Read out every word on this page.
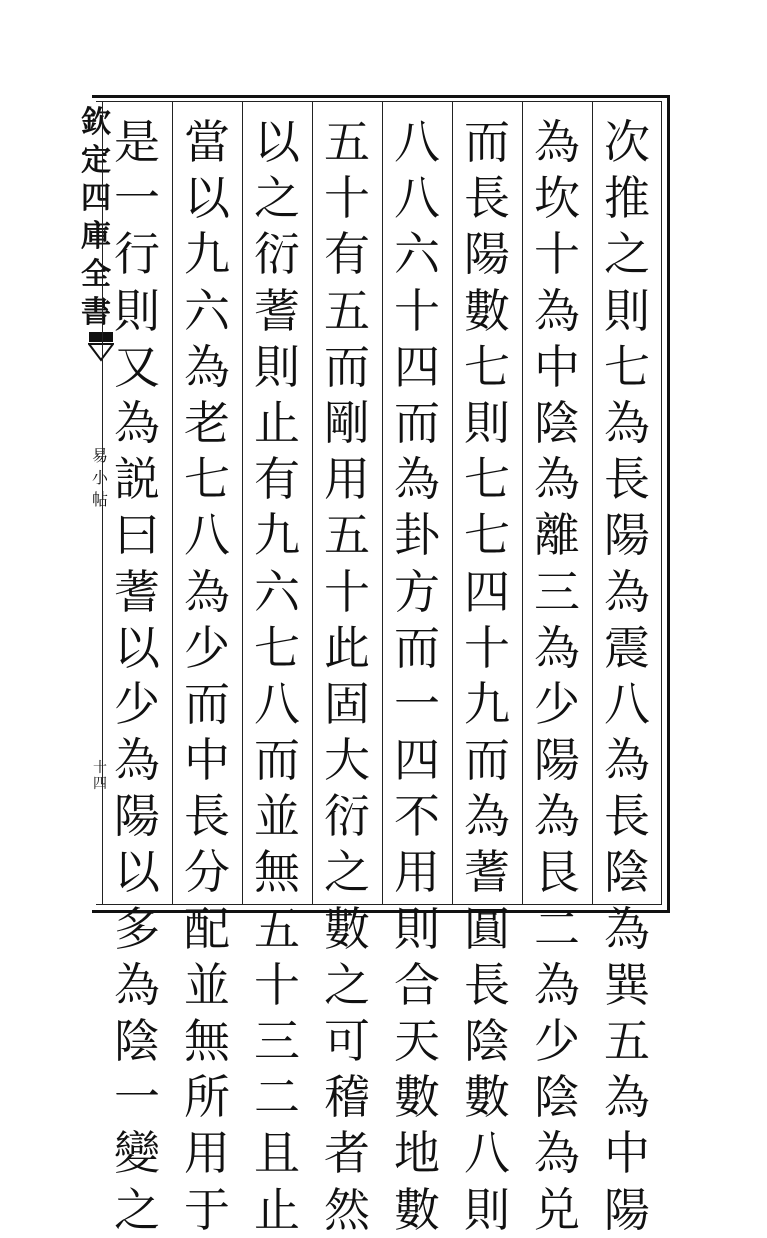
欽
定
四
庫
全
書
易
小
帖
十
四
次
推
之
則
七
為
長
陽
為
震
八
為
長
陰
為
巽
五
為
中
陽
為
坎
十
為
中
陰
為
離
三
為
少
陽
為
艮
二
為
少
陰
為
兑
而
長
陽
數
七
則
七
七
四
十
九
而
為
蓍
圓
長
陰
數
八
則
八
八
六
十
四
而
為
卦
方
而
一
四
不
用
則
合
天
數
地
數
五
十
有
五
而
剛
用
五
十
此
固
大
衍
之
數
之
可
稽
者
然
以
之
衍
蓍
則
止
有
九
六
七
八
而
並
無
五
十
三
二
且
止
當
以
九
六
為
老
七
八
為
少
而
中
長
分
配
並
無
所
用
于
是
一
行
則
又
為
説
曰
蓍
以
少
為
陽
以
多
為
陰
一
變
之
